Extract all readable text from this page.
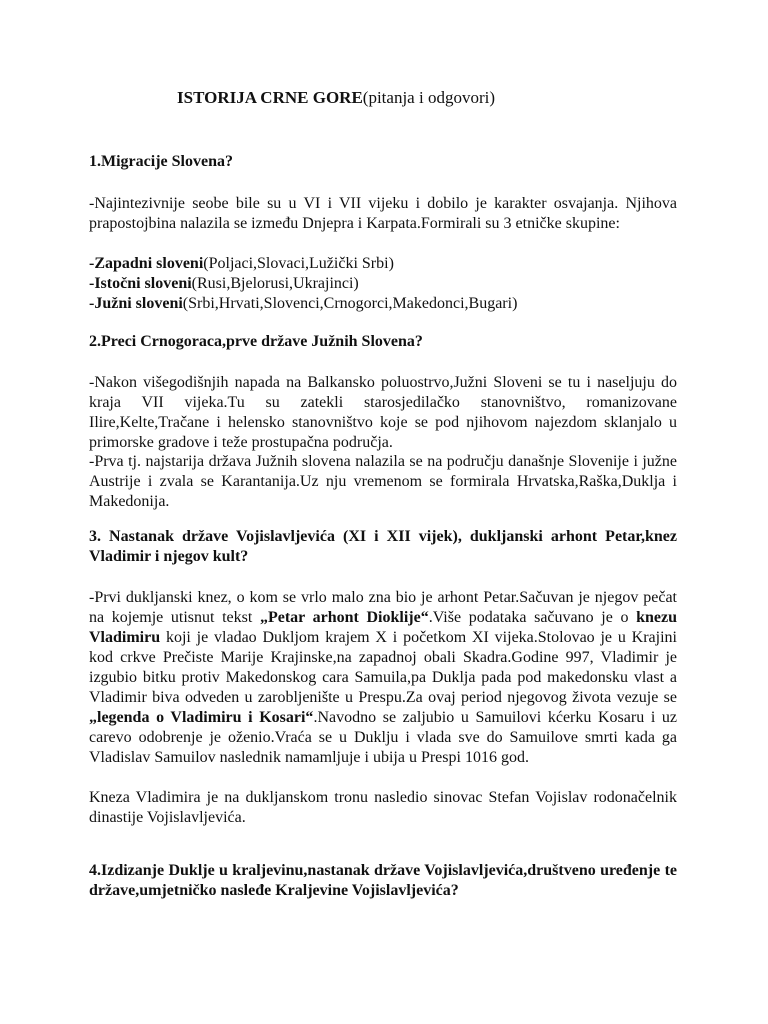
ISTORIJA CRNE GORE(pitanja i odgovori)
1.Migracije Slovena?
-Najintezivnije seobe bile su u VI i VII vijeku i dobilo je karakter osvajanja. Njihova prapostojbina nalazila se između Dnjepra i Karpata.Formirali su 3 etničke skupine:
-Zapadni sloveni(Poljaci,Slovaci,Lužički Srbi)
-Istočni sloveni(Rusi,Bjelorusi,Ukrajinci)
-Južni sloveni(Srbi,Hrvati,Slovenci,Crnogorci,Makedonci,Bugari)
2.Preci Crnogoraca,prve države Južnih Slovena?
-Nakon višegodišnjih napada na Balkansko poluostrvo,Južni Sloveni se tu i naseljuju do kraja VII vijeka.Tu su zatekli starosjedilačko stanovništvo, romanizovane Ilire,Kelte,Tračane i helensko stanovništvo koje se pod njihovom najezdom sklanjalo u primorske gradove i teže prostupačna područja.
-Prva tj. najstarija država Južnih slovena nalazila se na području današnje Slovenije i južne Austrije i zvala se Karantanija.Uz nju vremenom se formirala Hrvatska,Raška,Duklja i Makedonija.
3. Nastanak države Vojislavljevića (XI i XII vijek), dukljanski arhont Petar,knez Vladimir i njegov kult?
-Prvi dukljanski knez, o kom se vrlo malo zna bio je arhont Petar.Sačuvan je njegov pečat na kojemje utisnut tekst „Petar arhont Dioklije“.Više podataka sačuvano je o knezu Vladimiru koji je vladao Dukljom krajem X i početkom XI vijeka.Stolovao je u Krajini kod crkve Prečiste Marije Krajinske,na zapadnoj obali Skadra.Godine 997, Vladimir je izgubio bitku protiv Makedonskog cara Samuila,pa Duklja pada pod makedonsku vlast a Vladimir biva odveden u zarobljenište u Prespu.Za ovaj period njegovog života vezuje se „legenda o Vladimiru i Kosari“.Navodno se zaljubio u Samuilovi kćerku Kosaru i uz carevo odobrenje je oženio.Vraća se u Duklju i vlada sve do Samuilove smrti kada ga Vladislav Samuilov naslednik namamljuje i ubija u Prespi 1016 god.
Kneza Vladimira je na dukljanskom tronu nasledio sinovac Stefan Vojislav rodonačelnik dinastije Vojislavljevića.
4.Izdizanje Duklje u kraljevinu,nastanak države Vojislavljevića,društveno uređenje te države,umjetničko nasleđe Kraljevine Vojislavljevića?
